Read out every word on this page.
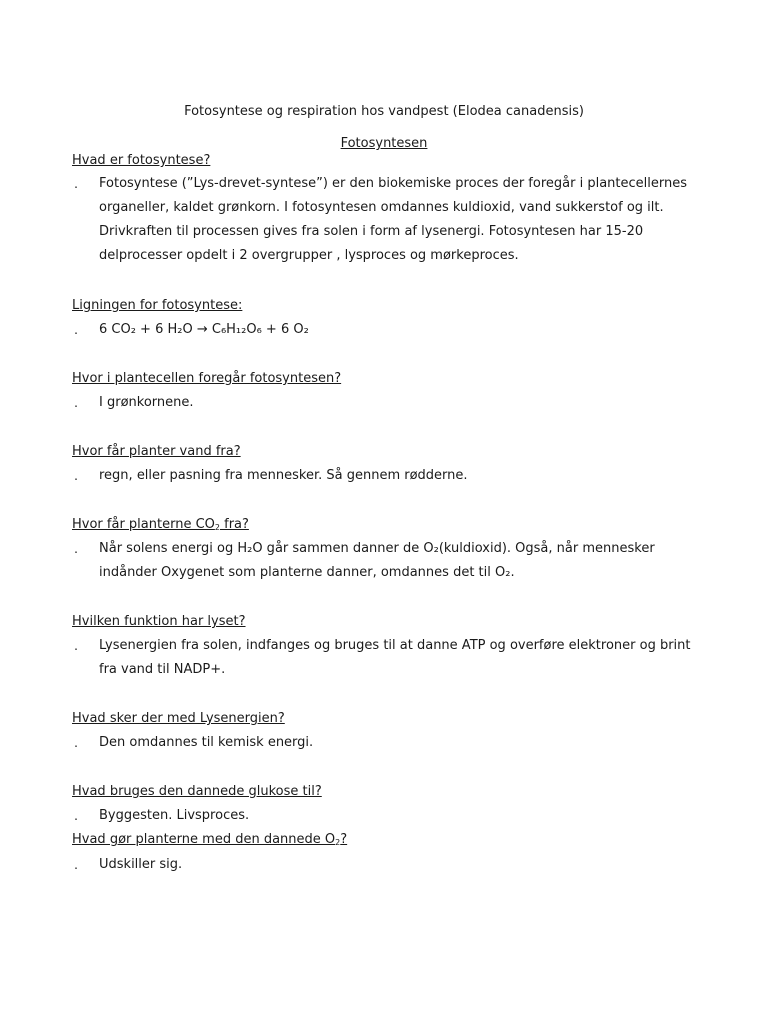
Fotosyntese og respiration hos vandpest (Elodea canadensis)
Fotosyntesen
Hvad er fotosyntese?
․	Fotosyntese (”Lys-drevet-syntese”) er den biokemiske proces der foregår i plantecellernes organeller, kaldet grønkorn. I fotosyntesen omdannes kuldioxid, vand sukkerstof og ilt. Drivkraften til processen gives fra solen i form af lysenergi. Fotosyntesen har 15-20 delprocesser opdelt i 2 overgrupper , lysproces og mørkeproces.
Ligningen for fotosyntese:
․	6 CO₂ + 6 H₂O → C₆H₁₂O₆ + 6 O₂
Hvor i plantecellen foregår fotosyntesen?
․	I grønkornene.
Hvor får planter vand fra?
․	regn, eller pasning fra mennesker. Så gennem rødderne.
Hvor får planterne $CO_2$ fra?
․	Når solens energi og H₂O går sammen danner de O₂(kuldioxid). Også, når mennesker indånder Oxygenet som planterne danner, omdannes det til O₂.
Hvilken funktion har lyset?
․	Lysenergien fra solen, indfanges og bruges til at danne ATP og overføre elektroner og brint fra vand til NADP+.
Hvad sker der med Lysenergien?
․	Den omdannes til kemisk energi.
Hvad bruges den dannede glukose til?
․	Byggesten. Livsproces.
Hvad gør planterne med den dannede $O_2$?
․	Udskiller sig.
